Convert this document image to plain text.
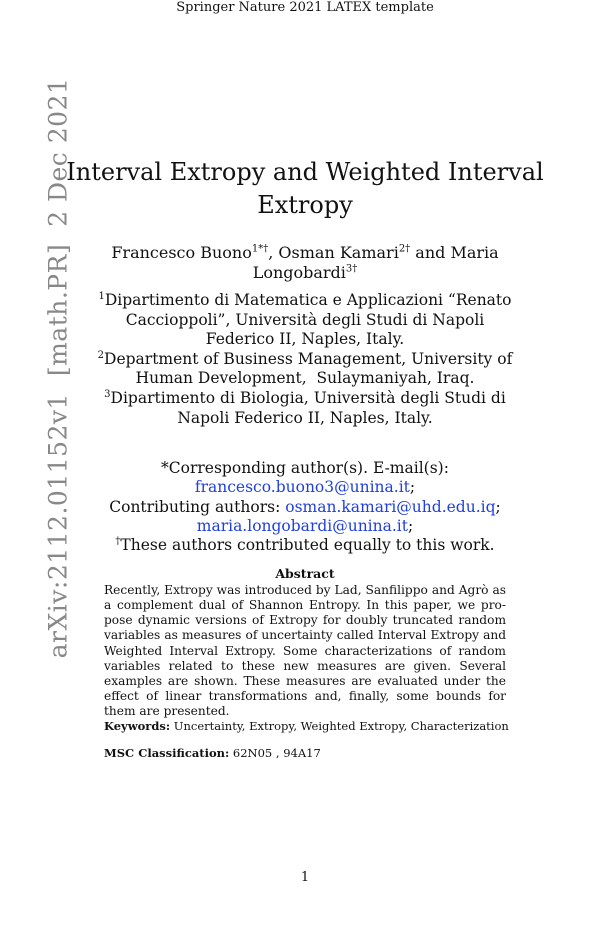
Springer Nature 2021 LATEX template
arXiv:2112.01152v1  [math.PR]  2 Dec 2021
Interval Extropy and Weighted Interval Extropy
Francesco Buono$^{1*\dagger}$, Osman Kamari$^{2\dagger}$ and Maria Longobardi$^{3\dagger}$
$^1$Dipartimento di Matematica e Applicazioni “Renato Caccioppoli”, Università degli Studi di Napoli Federico II, Naples, Italy.
$^2$Department of Business Management, University of Human Development,  Sulaymaniyah, Iraq.
$^3$Dipartimento di Biologia, Università degli Studi di Napoli Federico II, Naples, Italy.
*Corresponding author(s). E-mail(s): francesco.buono3@unina.it;
Contributing authors: osman.kamari@uhd.edu.iq;
maria.longobardi@unina.it;
†These authors contributed equally to this work.
Abstract
Recently, Extropy was introduced by Lad, Sanfilippo and Agrò as a complement dual of Shannon Entropy. In this paper, we propose dynamic versions of Extropy for doubly truncated random variables as measures of uncertainty called Interval Extropy and Weighted Interval Extropy. Some characterizations of random variables related to these new measures are given. Several examples are shown. These measures are evaluated under the effect of linear transformations and, finally, some bounds for them are presented.
Keywords: Uncertainty, Extropy, Weighted Extropy, Characterization
MSC Classification: 62N05 , 94A17
1
